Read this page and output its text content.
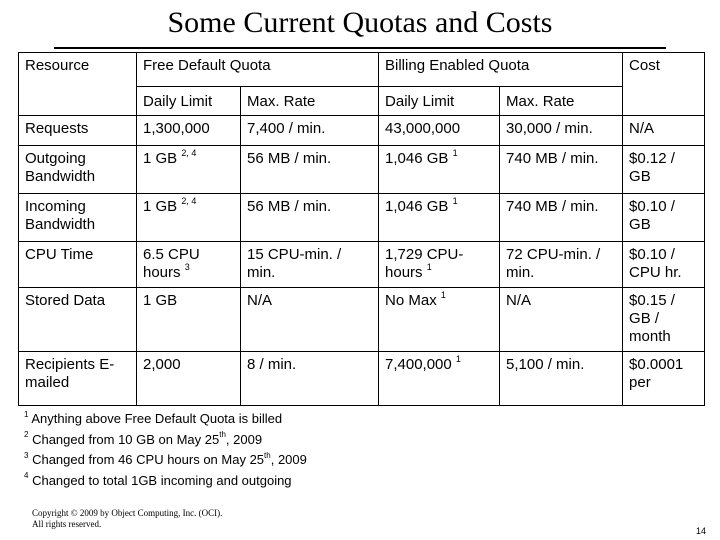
Some Current Quotas and Costs
Resource	Free Default Quota		Billing Enabled Quota		Cost
	Daily Limit	Max. Rate	Daily Limit	Max. Rate	
Requests	1,300,000	7,400 / min.	43,000,000	30,000 / min.	N/A
Outgoing Bandwidth	1 GB $^{2, 4}$	56 MB / min.	1,046 GB $^1$	740 MB / min.	$0.12 / GB
Incoming Bandwidth	1 GB $^{2, 4}$	56 MB / min.	1,046 GB $^1$	740 MB / min.	$0.10 / GB
CPU Time	6.5 CPU hours $^3$	15 CPU-min. / min.	1,729 CPU-hours $^1$	72 CPU-min. / min.	$0.10 / CPU hr.
Stored Data	1 GB	N/A	No Max $^1$	N/A	$0.15 / GB / month
Recipients E-mailed	2,000	8 / min.	7,400,000 $^1$	5,100 / min.	$0.0001 per
$^1$ Anything above Free Default Quota is billed
$^2$ Changed from 10 GB on May 25th, 2009
$^3$ Changed from 46 CPU hours on May 25th, 2009
$^4$ Changed to total 1GB incoming and outgoing
Copyright © 2009 by Object Computing, Inc. (OCI).
All rights reserved.
14
